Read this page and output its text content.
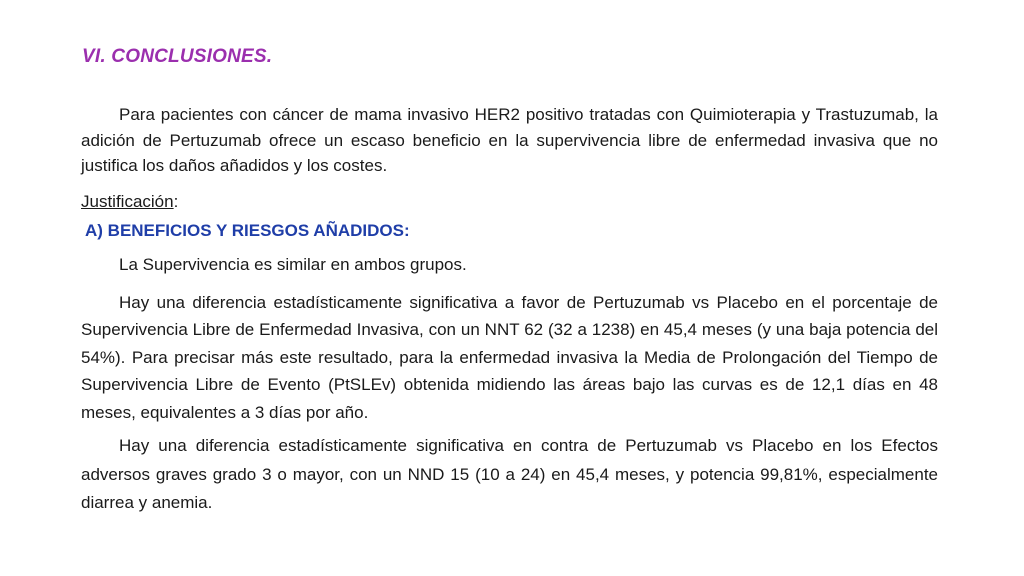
VI. CONCLUSIONES.

Para pacientes con cáncer de mama invasivo HER2 positivo tratadas con Quimioterapia y Trastuzumab, la adición de Pertuzumab ofrece un escaso beneficio en la supervivencia libre de enfermedad invasiva que no justifica los daños añadidos y los costes.

Justificación:

A) BENEFICIOS Y RIESGOS AÑADIDOS:

La Supervivencia es similar en ambos grupos.

Hay una diferencia estadísticamente significativa a favor de Pertuzumab vs Placebo en el porcentaje de Supervivencia Libre de Enfermedad Invasiva, con un NNT 62 (32 a 1238) en 45,4 meses (y una baja potencia del 54%). Para precisar más este resultado, para la enfermedad invasiva la Media de Prolongación del Tiempo de Supervivencia Libre de Evento (PtSLEv) obtenida midiendo las áreas bajo las curvas es de 12,1 días en 48 meses, equivalentes a 3 días por año.

Hay una diferencia estadísticamente significativa en contra de Pertuzumab vs Placebo en los Efectos adversos graves grado 3 o mayor, con un NND 15 (10 a 24) en 45,4 meses, y potencia 99,81%, especialmente diarrea y anemia.
